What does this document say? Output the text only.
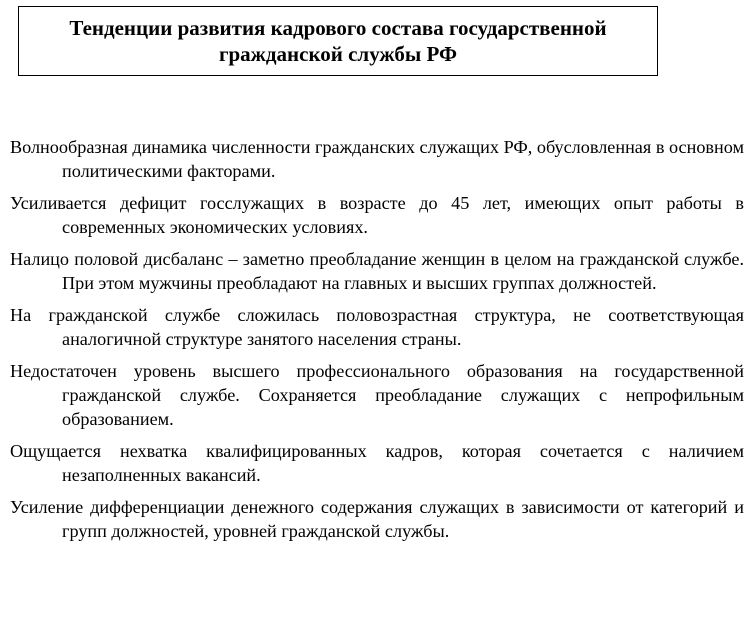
Тенденции развития кадрового состава государственной
гражданской службы РФ

Волнообразная динамика численности гражданских служащих РФ, обусловленная в основном политическими факторами.

Усиливается дефицит госслужащих в возрасте до 45 лет, имеющих опыт работы в современных экономических условиях.

Налицо половой дисбаланс – заметно преобладание женщин в целом на гражданской службе. При этом мужчины преобладают на главных и высших группах должностей.

На гражданской службе сложилась половозрастная структура, не соответствующая аналогичной структуре занятого населения страны.

Недостаточен уровень высшего профессионального образования на государственной гражданской службе. Сохраняется преобладание служащих с непрофильным образованием.

Ощущается нехватка квалифицированных кадров, которая сочетается с наличием незаполненных вакансий.

Усиление дифференциации денежного содержания служащих в зависимости от категорий и групп должностей, уровней гражданской службы.
